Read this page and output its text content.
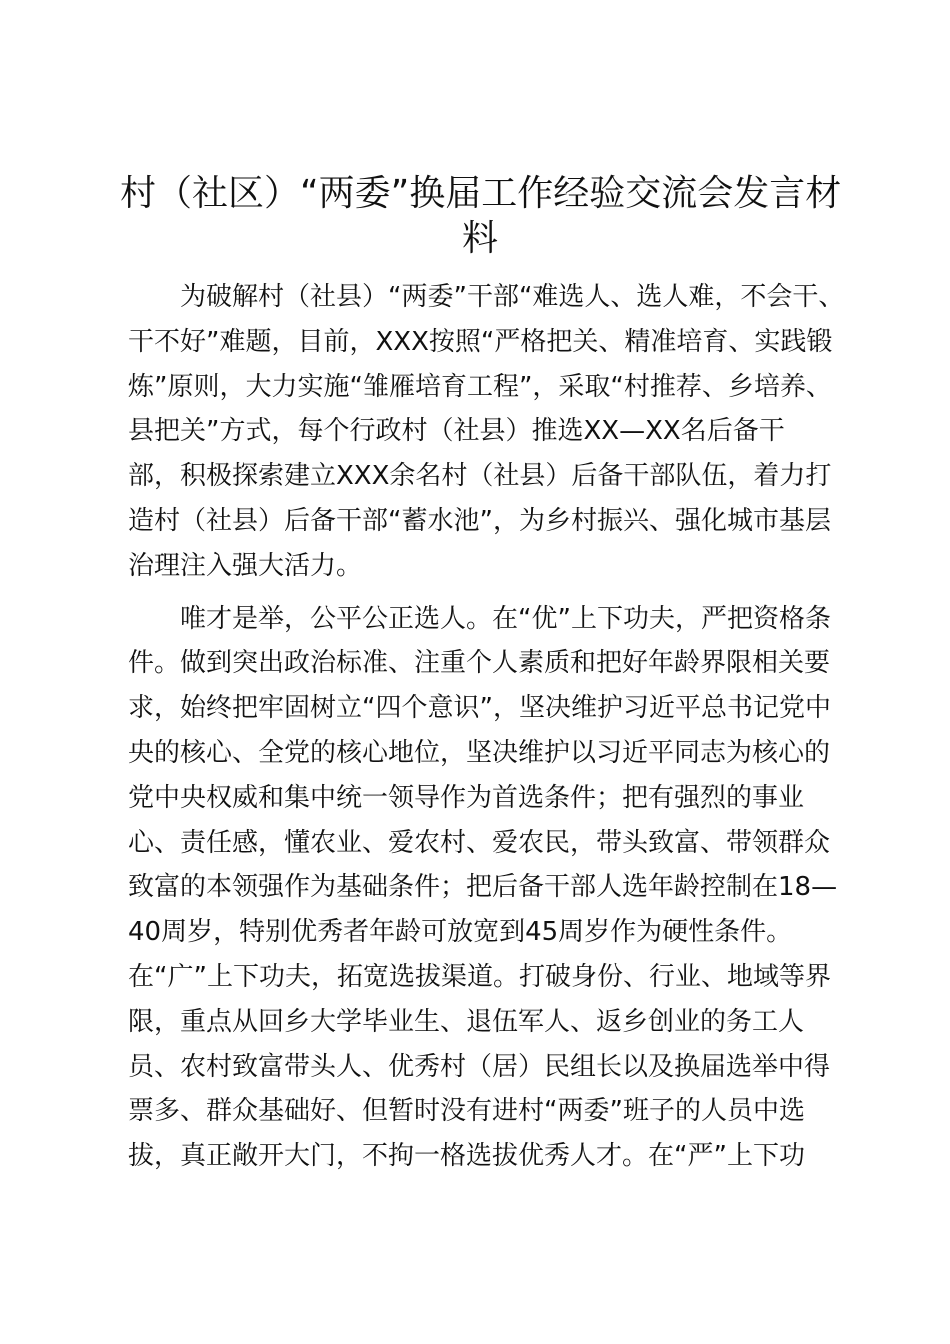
村（社区）“两委”换届工作经验交流会发言材
料
为破解村（社县）“两委”干部“难选人、选人难，不会干、
干不好”难题，目前，XXX按照“严格把关、精准培育、实践锻
炼”原则，大力实施“雏雁培育工程”，采取“村推荐、乡培养、
县把关”方式，每个行政村（社县）推选XX—XX名后备干
部，积极探索建立XXX余名村（社县）后备干部队伍，着力打
造村（社县）后备干部“蓄水池”，为乡村振兴、强化城市基层
治理注入强大活力。
唯才是举，公平公正选人。在“优”上下功夫，严把资格条
件。做到突出政治标准、注重个人素质和把好年龄界限相关要
求，始终把牢固树立“四个意识”，坚决维护习近平总书记党中
央的核心、全党的核心地位，坚决维护以习近平同志为核心的
党中央权威和集中统一领导作为首选条件；把有强烈的事业
心、责任感，懂农业、爱农村、爱农民，带头致富、带领群众
致富的本领强作为基础条件；把后备干部人选年龄控制在18—
40周岁，特别优秀者年龄可放宽到45周岁作为硬性条件。
在“广”上下功夫，拓宽选拔渠道。打破身份、行业、地域等界
限，重点从回乡大学毕业生、退伍军人、返乡创业的务工人
员、农村致富带头人、优秀村（居）民组长以及换届选举中得
票多、群众基础好、但暂时没有进村“两委”班子的人员中选
拔，真正敞开大门，不拘一格选拔优秀人才。在“严”上下功
